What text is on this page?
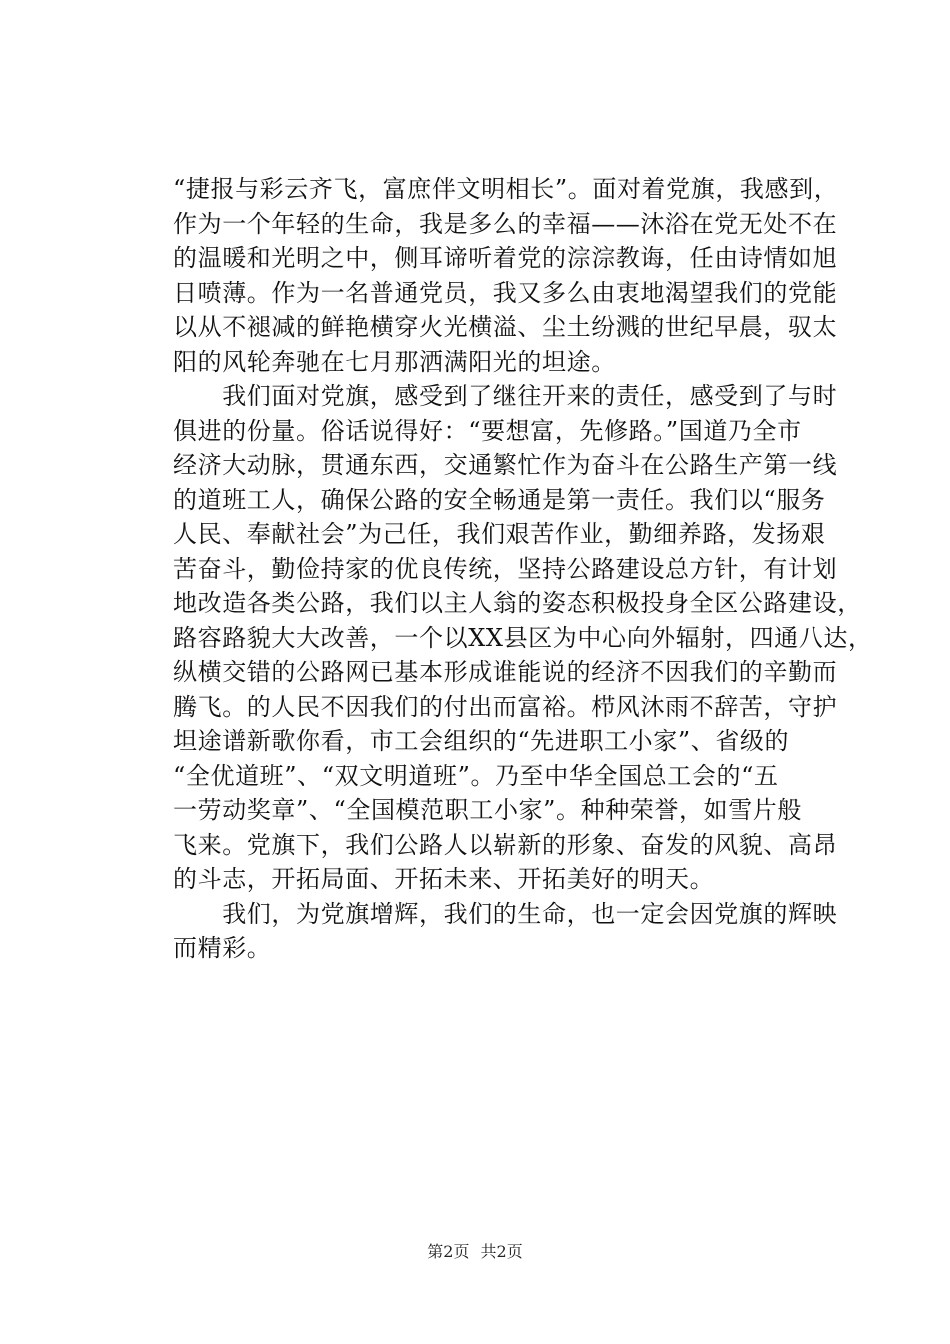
“捷报与彩云齐飞，富庶伴文明相长”。面对着党旗，我感到，
作为一个年轻的生命，我是多么的幸福——沐浴在党无处不在
的温暖和光明之中，侧耳谛听着党的淙淙教诲，任由诗情如旭
日喷薄。作为一名普通党员，我又多么由衷地渴望我们的党能
以从不褪减的鲜艳横穿火光横溢、尘土纷溅的世纪早晨，驭太
阳的风轮奔驰在七月那洒满阳光的坦途。
　　我们面对党旗，感受到了继往开来的责任，感受到了与时
俱进的份量。俗话说得好：“要想富，先修路。”国道乃全市
经济大动脉，贯通东西，交通繁忙作为奋斗在公路生产第一线
的道班工人，确保公路的安全畅通是第一责任。我们以“服务
人民、奉献社会”为己任，我们艰苦作业，勤细养路，发扬艰
苦奋斗，勤俭持家的优良传统，坚持公路建设总方针，有计划
地改造各类公路，我们以主人翁的姿态积极投身全区公路建设，
路容路貌大大改善，一个以XX县区为中心向外辐射，四通八达，
纵横交错的公路网已基本形成谁能说的经济不因我们的辛勤而
腾飞。的人民不因我们的付出而富裕。栉风沐雨不辞苦，守护
坦途谱新歌你看，市工会组织的“先进职工小家”、省级的
“全优道班”、“双文明道班”。乃至中华全国总工会的“五
一劳动奖章”、“全国模范职工小家”。种种荣誉，如雪片般
飞来。党旗下，我们公路人以崭新的形象、奋发的风貌、高昂
的斗志，开拓局面、开拓未来、开拓美好的明天。
　　我们，为党旗增辉，我们的生命，也一定会因党旗的辉映
而精彩。
第2页 共2页
